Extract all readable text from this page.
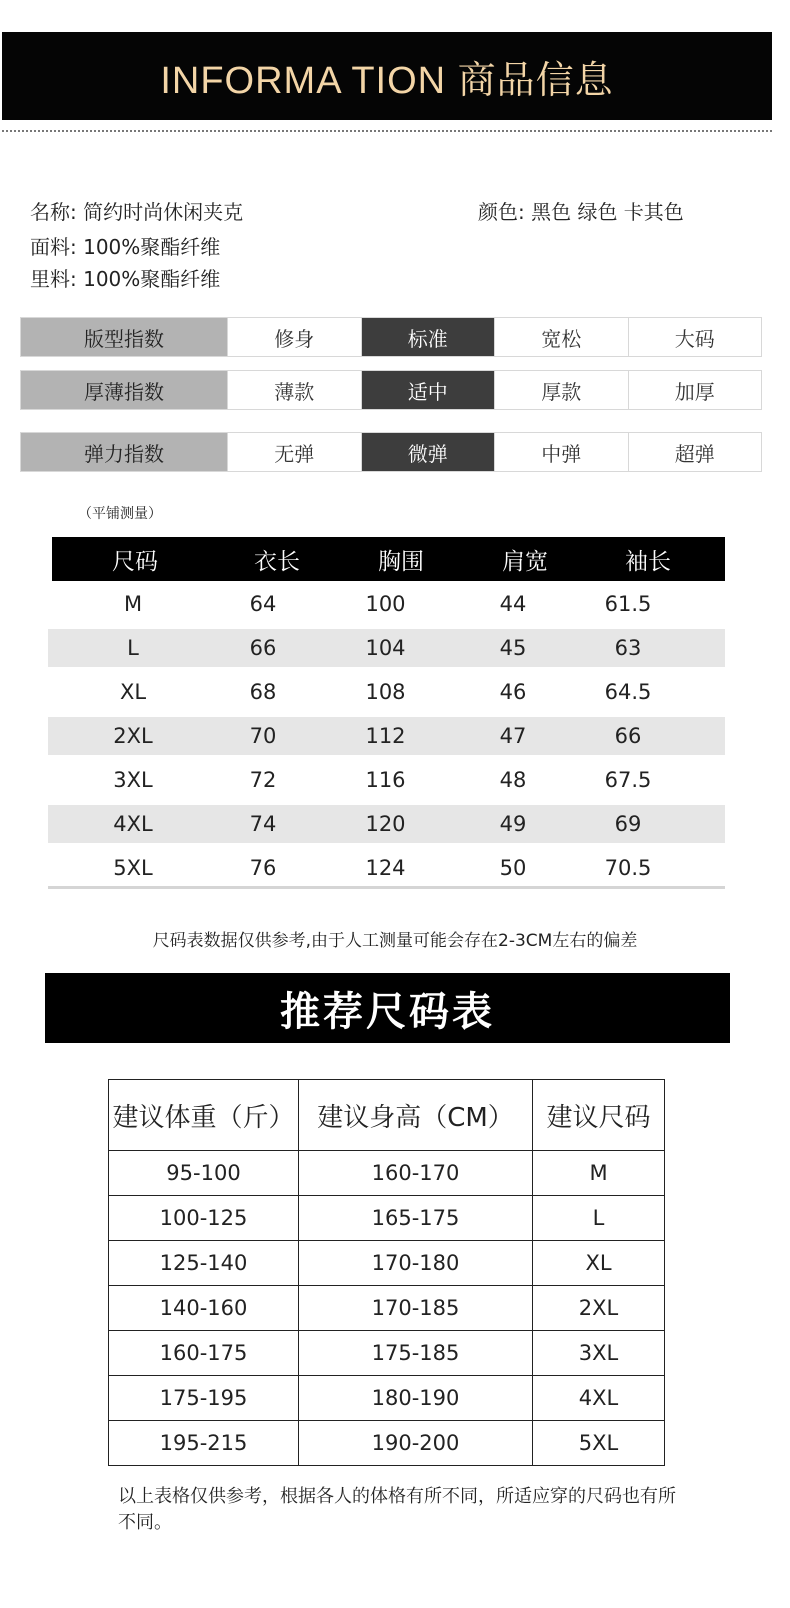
INFORMA TION 商品信息
名称: 简约时尚休闲夹克
面料: 100%聚酯纤维
里料: 100%聚酯纤维
颜色: 黑色 绿色 卡其色
版型指数	修身	标准	宽松	大码
厚薄指数	薄款	适中	厚款	加厚
弹力指数	无弹	微弹	中弹	超弹
（平铺测量）
尺码	衣长	胸围	肩宽	袖长
M	64	100	44	61.5
L	66	104	45	63
XL	68	108	46	64.5
2XL	70	112	47	66
3XL	72	116	48	67.5
4XL	74	120	49	69
5XL	76	124	50	70.5
尺码表数据仅供参考,由于人工测量可能会存在2-3CM左右的偏差
推荐尺码表
建议体重（斤）	建议身高（CM）	建议尺码
95-100	160-170	M
100-125	165-175	L
125-140	170-180	XL
140-160	170-185	2XL
160-175	175-185	3XL
175-195	180-190	4XL
195-215	190-200	5XL
以上表格仅供参考，根据各人的体格有所不同，所适应穿的尺码也有所不同。
